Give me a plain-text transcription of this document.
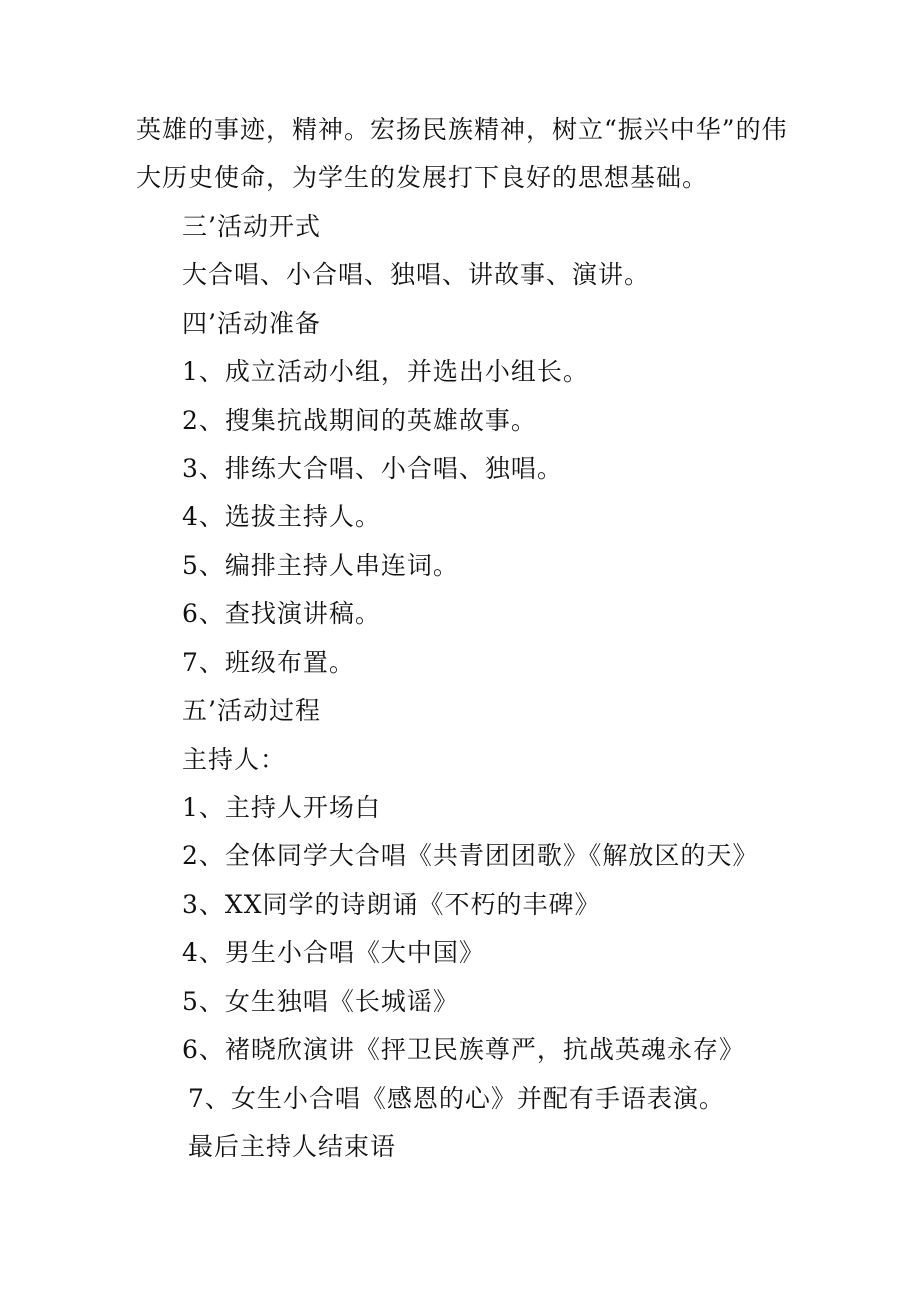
英雄的事迹，精神。宏扬民族精神，树立“振兴中华”的伟
大历史使命，为学生的发展打下良好的思想基础。
三’活动开式
大合唱、小合唱、独唱、讲故事、演讲。
四’活动准备
1、成立活动小组，并选出小组长。
2、搜集抗战期间的英雄故事。
3、排练大合唱、小合唱、独唱。
4、选拔主持人。
5、编排主持人串连词。
6、查找演讲稿。
7、班级布置。
五’活动过程
主持人：
1、主持人开场白
2、全体同学大合唱《共青团团歌》《解放区的天》
3、XX同学的诗朗诵《不朽的丰碑》
4、男生小合唱《大中国》
5、女生独唱《长城谣》
6、褚晓欣演讲《抨卫民族尊严，抗战英魂永存》
7、女生小合唱《感恩的心》并配有手语表演。
最后主持人结束语
